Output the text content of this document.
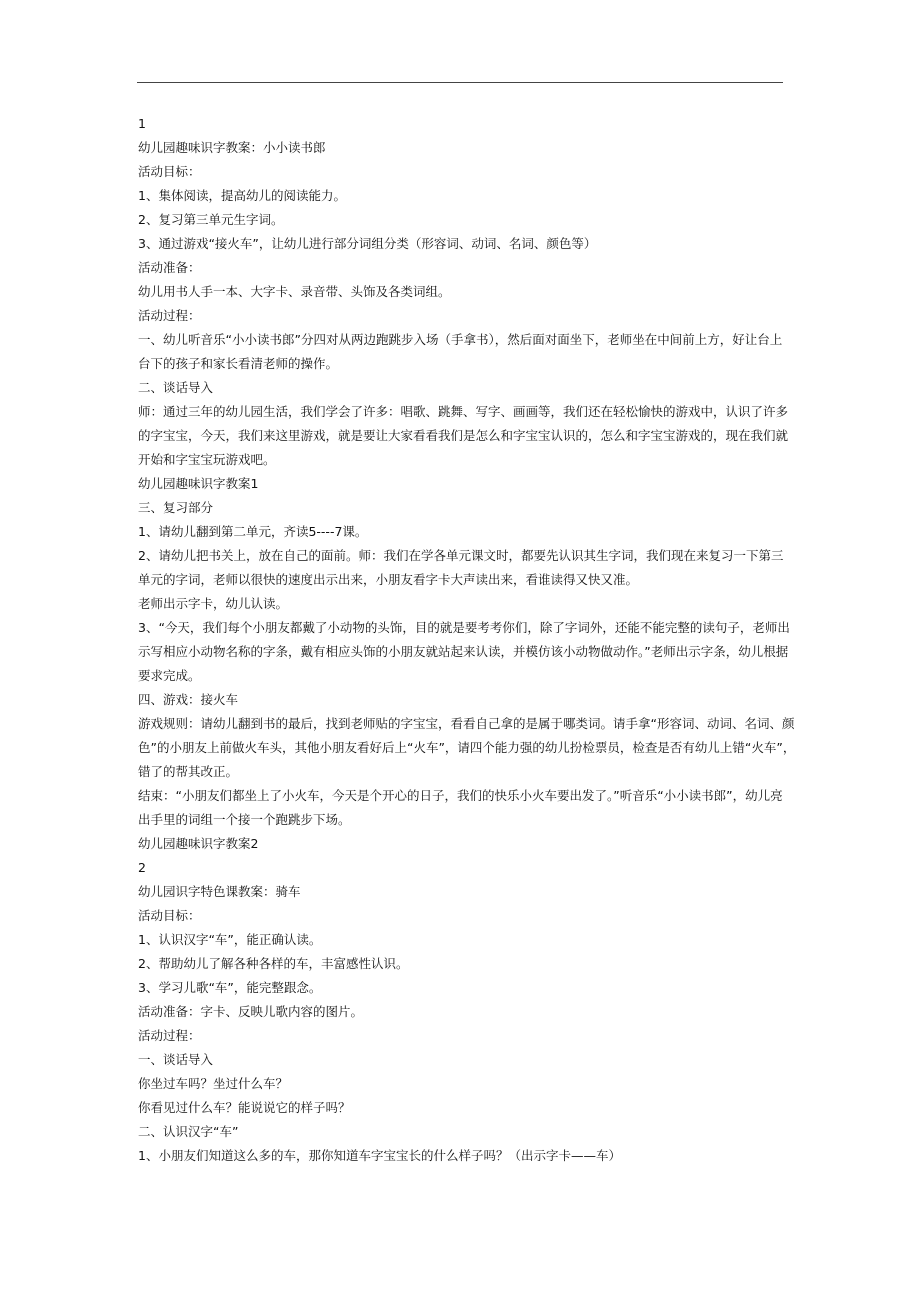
1
幼儿园趣味识字教案：小小读书郎
活动目标：
1、集体阅读，提高幼儿的阅读能力。
2、复习第三单元生字词。
3、通过游戏“接火车”，让幼儿进行部分词组分类（形容词、动词、名词、颜色等）
活动准备：
幼儿用书人手一本、大字卡、录音带、头饰及各类词组。
活动过程：
一、幼儿听音乐“小小读书郎”分四对从两边跑跳步入场（手拿书），然后面对面坐下，老师坐在中间前上方，好让台上
台下的孩子和家长看清老师的操作。
二、谈话导入
师：通过三年的幼儿园生活，我们学会了许多：唱歌、跳舞、写字、画画等，我们还在轻松愉快的游戏中，认识了许多
的字宝宝，今天，我们来这里游戏，就是要让大家看看我们是怎么和字宝宝认识的，怎么和字宝宝游戏的，现在我们就
开始和字宝宝玩游戏吧。
幼儿园趣味识字教案1
三、复习部分
1、请幼儿翻到第二单元，齐读5----7课。
2、请幼儿把书关上，放在自己的面前。师：我们在学各单元课文时，都要先认识其生字词，我们现在来复习一下第三
单元的字词，老师以很快的速度出示出来，小朋友看字卡大声读出来，看谁读得又快又准。
老师出示字卡，幼儿认读。
3、“今天，我们每个小朋友都戴了小动物的头饰，目的就是要考考你们，除了字词外，还能不能完整的读句子，老师出
示写相应小动物名称的字条，戴有相应头饰的小朋友就站起来认读，并模仿该小动物做动作。”老师出示字条，幼儿根据
要求完成。
四、游戏：接火车
游戏规则：请幼儿翻到书的最后，找到老师贴的字宝宝，看看自己拿的是属于哪类词。请手拿“形容词、动词、名词、颜
色”的小朋友上前做火车头，其他小朋友看好后上“火车”，请四个能力强的幼儿扮检票员，检查是否有幼儿上错“火车”，
错了的帮其改正。
结束：“小朋友们都坐上了小火车，今天是个开心的日子，我们的快乐小火车要出发了。”听音乐“小小读书郎”，幼儿亮
出手里的词组一个接一个跑跳步下场。
幼儿园趣味识字教案2
2
幼儿园识字特色课教案：骑车
活动目标：
1、认识汉字“车”，能正确认读。
2、帮助幼儿了解各种各样的车，丰富感性认识。
3、学习儿歌“车”，能完整跟念。
活动准备：字卡、反映儿歌内容的图片。
活动过程：
一、谈话导入
你坐过车吗？坐过什么车？
你看见过什么车？能说说它的样子吗？
二、认识汉字“车”
1、小朋友们知道这么多的车，那你知道车字宝宝长的什么样子吗？（出示字卡——车）
